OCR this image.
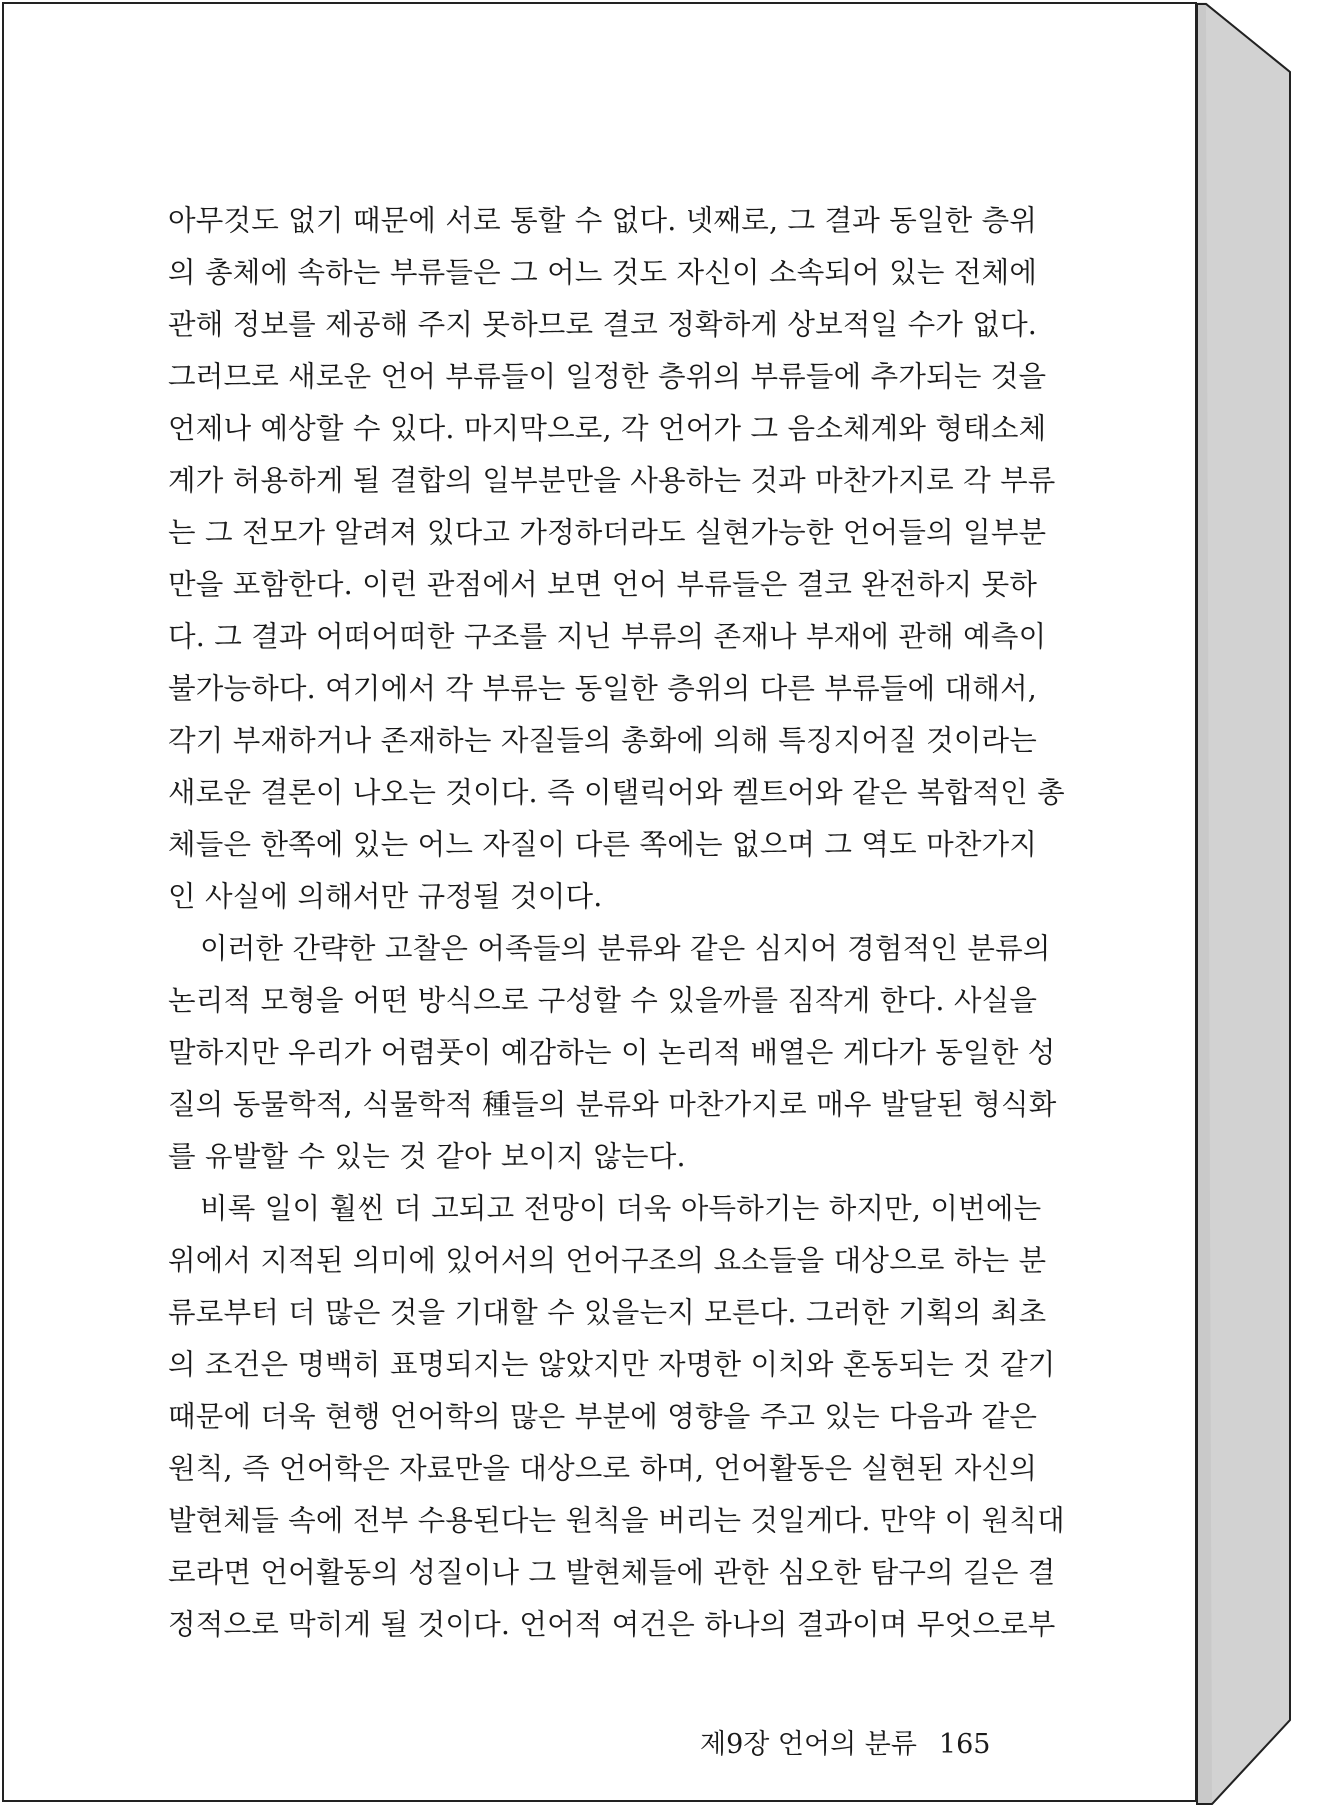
아무것도 없기 때문에 서로 통할 수 없다. 넷째로, 그 결과 동일한 층위
의 총체에 속하는 부류들은 그 어느 것도 자신이 소속되어 있는 전체에
관해 정보를 제공해 주지 못하므로 결코 정확하게 상보적일 수가 없다.
그러므로 새로운 언어 부류들이 일정한 층위의 부류들에 추가되는 것을
언제나 예상할 수 있다. 마지막으로, 각 언어가 그 음소체계와 형태소체
계가 허용하게 될 결합의 일부분만을 사용하는 것과 마찬가지로 각 부류
는 그 전모가 알려져 있다고 가정하더라도 실현가능한 언어들의 일부분
만을 포함한다. 이런 관점에서 보면 언어 부류들은 결코 완전하지 못하
다. 그 결과 어떠어떠한 구조를 지닌 부류의 존재나 부재에 관해 예측이
불가능하다. 여기에서 각 부류는 동일한 층위의 다른 부류들에 대해서,
각기 부재하거나 존재하는 자질들의 총화에 의해 특징지어질 것이라는
새로운 결론이 나오는 것이다. 즉 이탤릭어와 켈트어와 같은 복합적인 총
체들은 한쪽에 있는 어느 자질이 다른 쪽에는 없으며 그 역도 마찬가지
인 사실에 의해서만 규정될 것이다.
이러한 간략한 고찰은 어족들의 분류와 같은 심지어 경험적인 분류의
논리적 모형을 어떤 방식으로 구성할 수 있을까를 짐작게 한다. 사실을
말하지만 우리가 어렴풋이 예감하는 이 논리적 배열은 게다가 동일한 성
질의 동물학적, 식물학적 種들의 분류와 마찬가지로 매우 발달된 형식화
를 유발할 수 있는 것 같아 보이지 않는다.
비록 일이 훨씬 더 고되고 전망이 더욱 아득하기는 하지만, 이번에는
위에서 지적된 의미에 있어서의 언어구조의 요소들을 대상으로 하는 분
류로부터 더 많은 것을 기대할 수 있을는지 모른다. 그러한 기획의 최초
의 조건은 명백히 표명되지는 않았지만 자명한 이치와 혼동되는 것 같기
때문에 더욱 현행 언어학의 많은 부분에 영향을 주고 있는 다음과 같은
원칙, 즉 언어학은 자료만을 대상으로 하며, 언어활동은 실현된 자신의
발현체들 속에 전부 수용된다는 원칙을 버리는 것일게다. 만약 이 원칙대
로라면 언어활동의 성질이나 그 발현체들에 관한 심오한 탐구의 길은 결
정적으로 막히게 될 것이다. 언어적 여건은 하나의 결과이며 무엇으로부
제9장 언어의 분류 165
